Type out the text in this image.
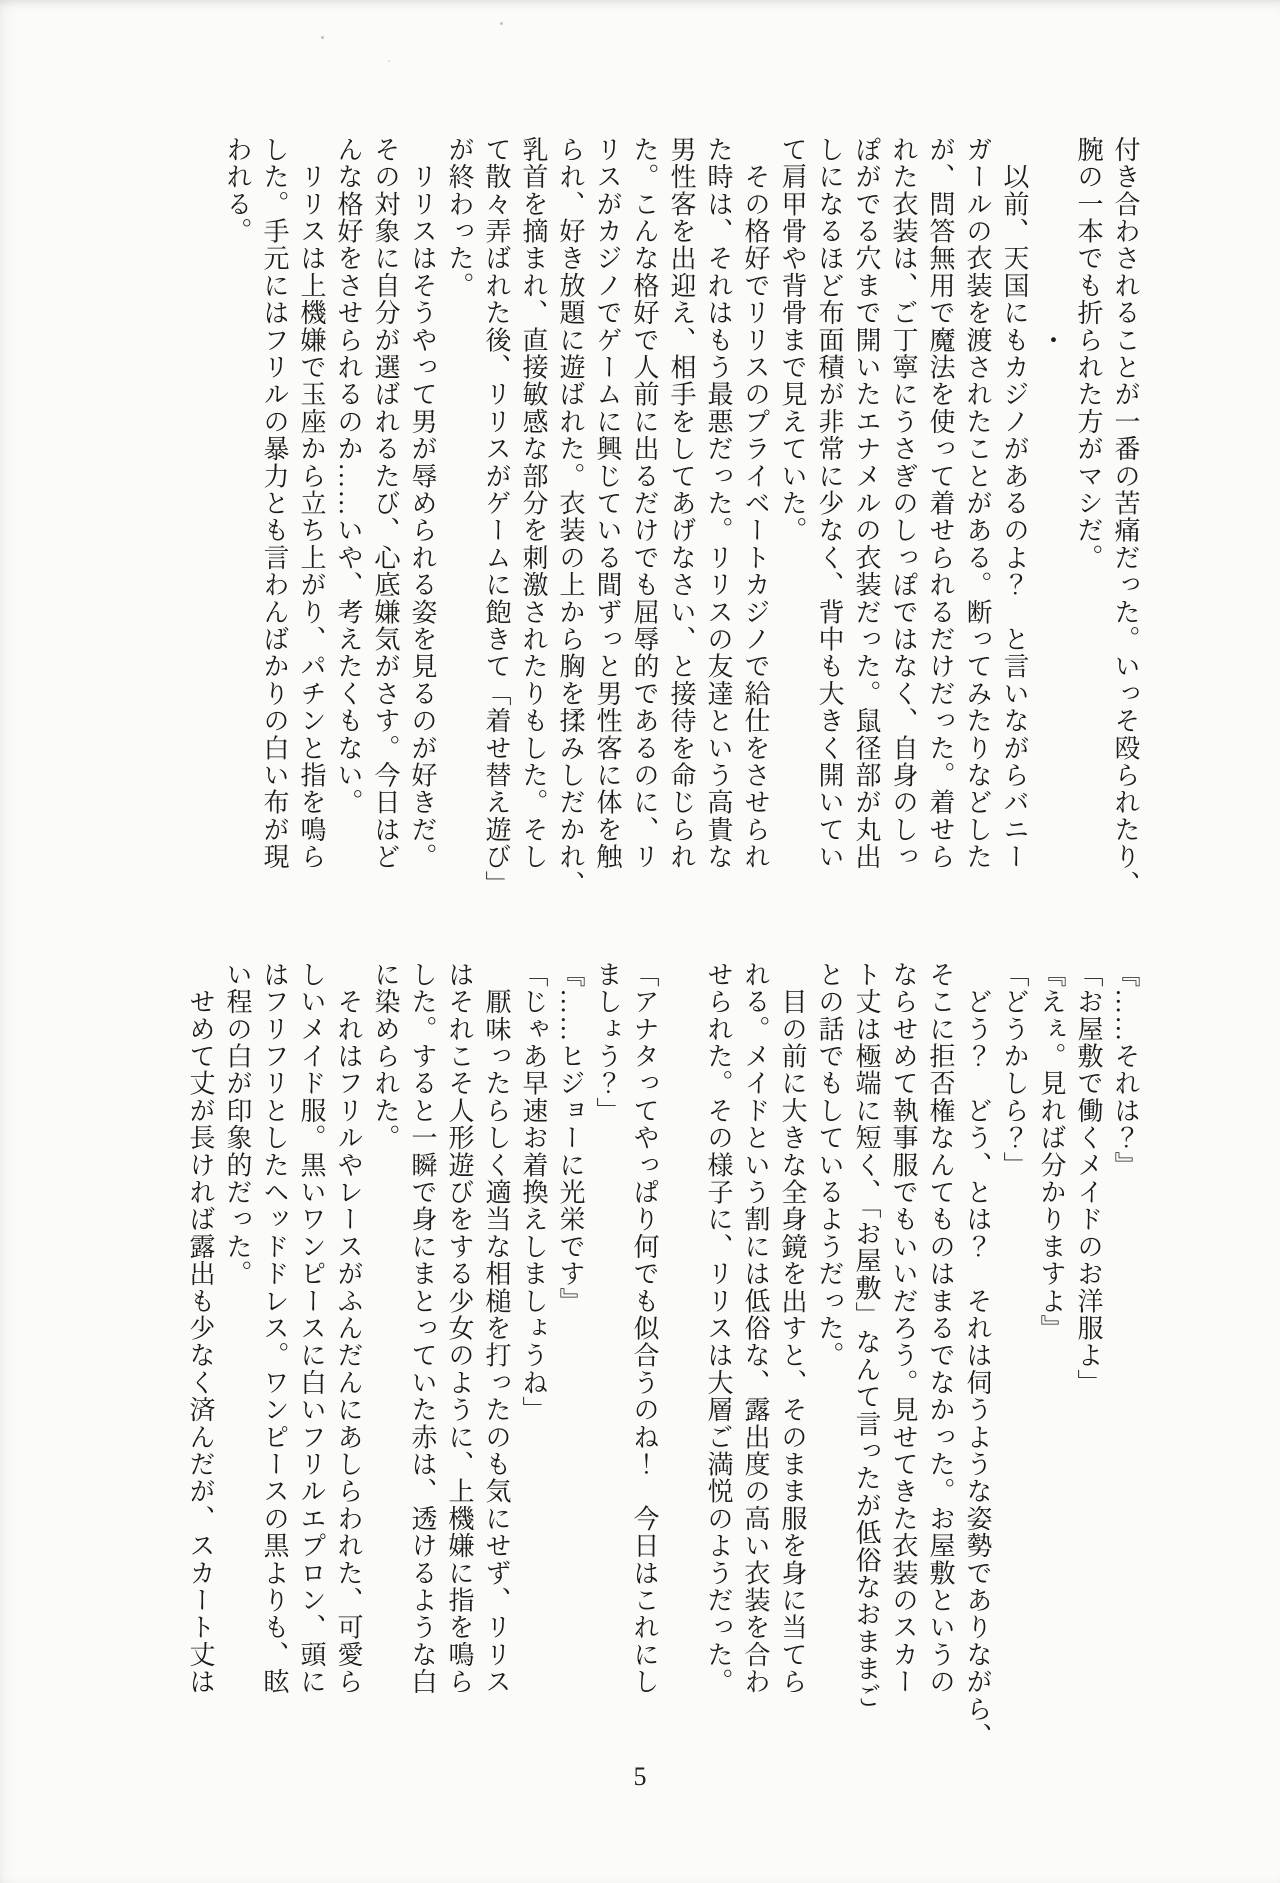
付き合わされることが一番の苦痛だった。いっそ殴られたり、
腕の一本でも折られた方がマシだ。
　　　　　　　・
　以前、天国にもカジノがあるのよ？　と言いながらバニー
ガールの衣装を渡されたことがある。断ってみたりなどした
が、問答無用で魔法を使って着せられるだけだった。着せら
れた衣装は、ご丁寧にうさぎのしっぽではなく、自身のしっ
ぽがでる穴まで開いたエナメルの衣装だった。鼠径部が丸出
しになるほど布面積が非常に少なく、背中も大きく開いてい
て肩甲骨や背骨まで見えていた。
　その格好でリリスのプライベートカジノで給仕をさせられ
た時は、それはもう最悪だった。リリスの友達という高貴な
男性客を出迎え、相手をしてあげなさい、と接待を命じられ
た。こんな格好で人前に出るだけでも屈辱的であるのに、リ
リスがカジノでゲームに興じている間ずっと男性客に体を触
られ、好き放題に遊ばれた。衣装の上から胸を揉みしだかれ、
乳首を摘まれ、直接敏感な部分を刺激されたりもした。そし
て散々弄ばれた後、リリスがゲームに飽きて「着せ替え遊び」
が終わった。
　リリスはそうやって男が辱められる姿を見るのが好きだ。
その対象に自分が選ばれるたび、心底嫌気がさす。今日はど
んな格好をさせられるのか……いや、考えたくもない。
　リリスは上機嫌で玉座から立ち上がり、パチンと指を鳴ら
した。手元にはフリルの暴力とも言わんばかりの白い布が現
われる。
『……それは？』
「お屋敷で働くメイドのお洋服よ」
『えぇ。見れば分かりますよ』
「どうかしら？」
　どう？　どう、とは？　それは伺うような姿勢でありながら、
そこに拒否権なんてものはまるでなかった。お屋敷というの
ならせめて執事服でもいいだろう。見せてきた衣装のスカー
ト丈は極端に短く、「お屋敷」なんて言ったが低俗なおままご
との話でもしているようだった。
　目の前に大きな全身鏡を出すと、そのまま服を身に当てら
れる。メイドという割には低俗な、露出度の高い衣装を合わ
せられた。その様子に、リリスは大層ご満悦のようだった。

「アナタってやっぱり何でも似合うのね！　今日はこれにし
ましょう？」
『……ヒジョーに光栄です』
「じゃあ早速お着換えしましょうね」
　厭味ったらしく適当な相槌を打ったのも気にせず、リリス
はそれこそ人形遊びをする少女のように、上機嫌に指を鳴ら
した。すると一瞬で身にまとっていた赤は、透けるような白
に染められた。
　それはフリルやレースがふんだんにあしらわれた、可愛ら
しいメイド服。黒いワンピースに白いフリルエプロン、頭に
はフリフリとしたヘッドドレス。ワンピースの黒よりも、眩
い程の白が印象的だった。
　せめて丈が長ければ露出も少なく済んだが、スカート丈は
5
